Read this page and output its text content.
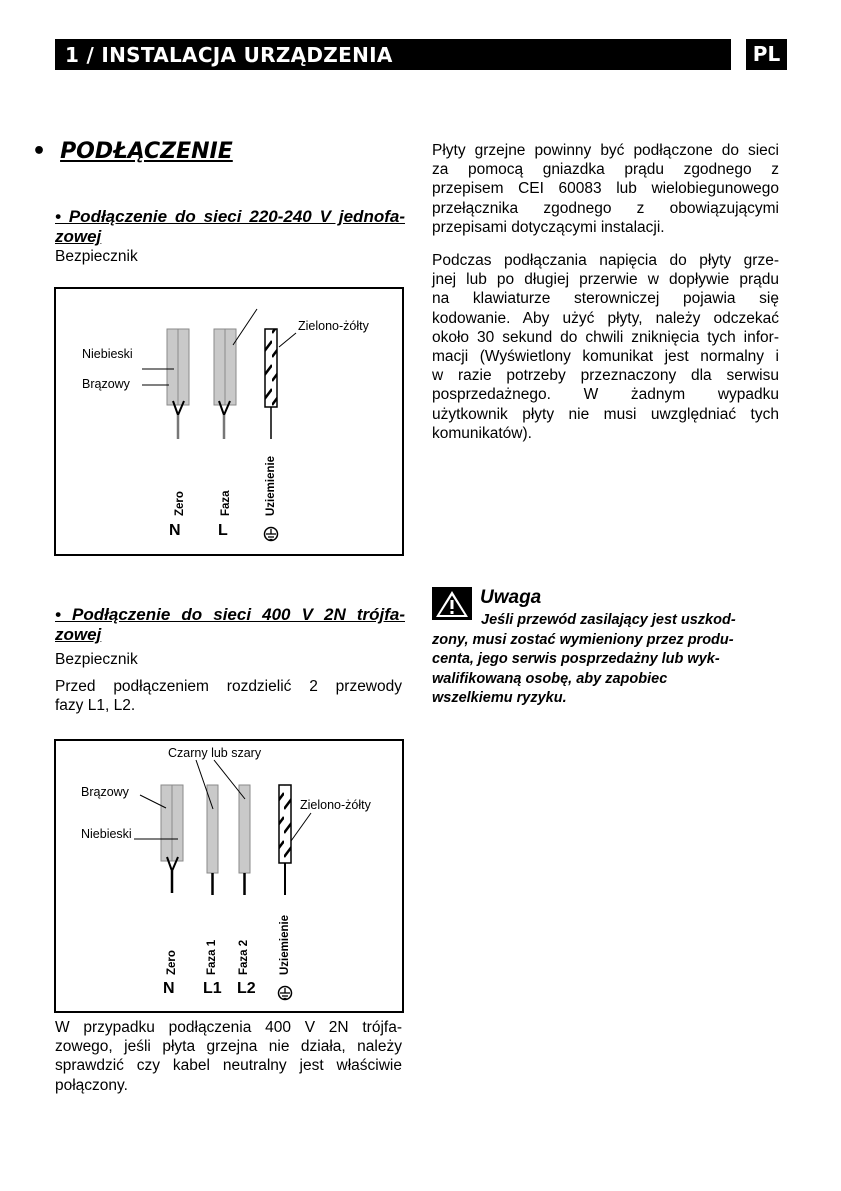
1 / INSTALACJA URZĄDZENIA	PL
• PODŁĄCZENIE
• Podłączenie do sieci 220-240 V jednofa-
zowej
Bezpiecznik
Niebieski
Brązowy
Zielono-żółty
Zero	Faza	Uziemienie
N L
• Podłączenie do sieci 400 V 2N trójfa-
zowej
Bezpiecznik
Przed podłączeniem rozdzielić 2 przewody
fazy L1, L2.
Czarny lub szary
Brązowy
Niebieski
Zielono-żółty
Zero Faza 1 Faza 2	Uziemienie
N L1 L2
W przypadku podłączenia 400 V 2N trójfa-
zowego, jeśli płyta grzejna nie działa, należy
sprawdzić czy kabel neutralny jest właściwie
połączony.
Płyty grzejne powinny być podłączone do sieci
za pomocą gniazdka prądu zgodnego z
przepisem CEI 60083 lub wielobiegunowego
przełącznika zgodnego z obowiązującymi
przepisami dotyczącymi instalacji.
Podczas podłączania napięcia do płyty grze-
jnej lub po długiej przerwie w dopływie prądu
na klawiaturze sterowniczej pojawia się
kodowanie. Aby użyć płyty, należy odczekać
około 30 sekund do chwili zniknięcia tych infor-
macji (Wyświetlony komunikat jest normalny i
w razie potrzeby przeznaczony dla serwisu
posprzedażnego. W żadnym wypadku
użytkownik płyty nie musi uwzględniać tych
komunikatów).
Uwaga
Jeśli przewód zasilający jest uszkod-
zony, musi zostać wymieniony przez produ-
centa, jego serwis posprzedażny lub wyk-
walifikowaną osobę, aby zapobiec
wszelkiemu ryzyku.
